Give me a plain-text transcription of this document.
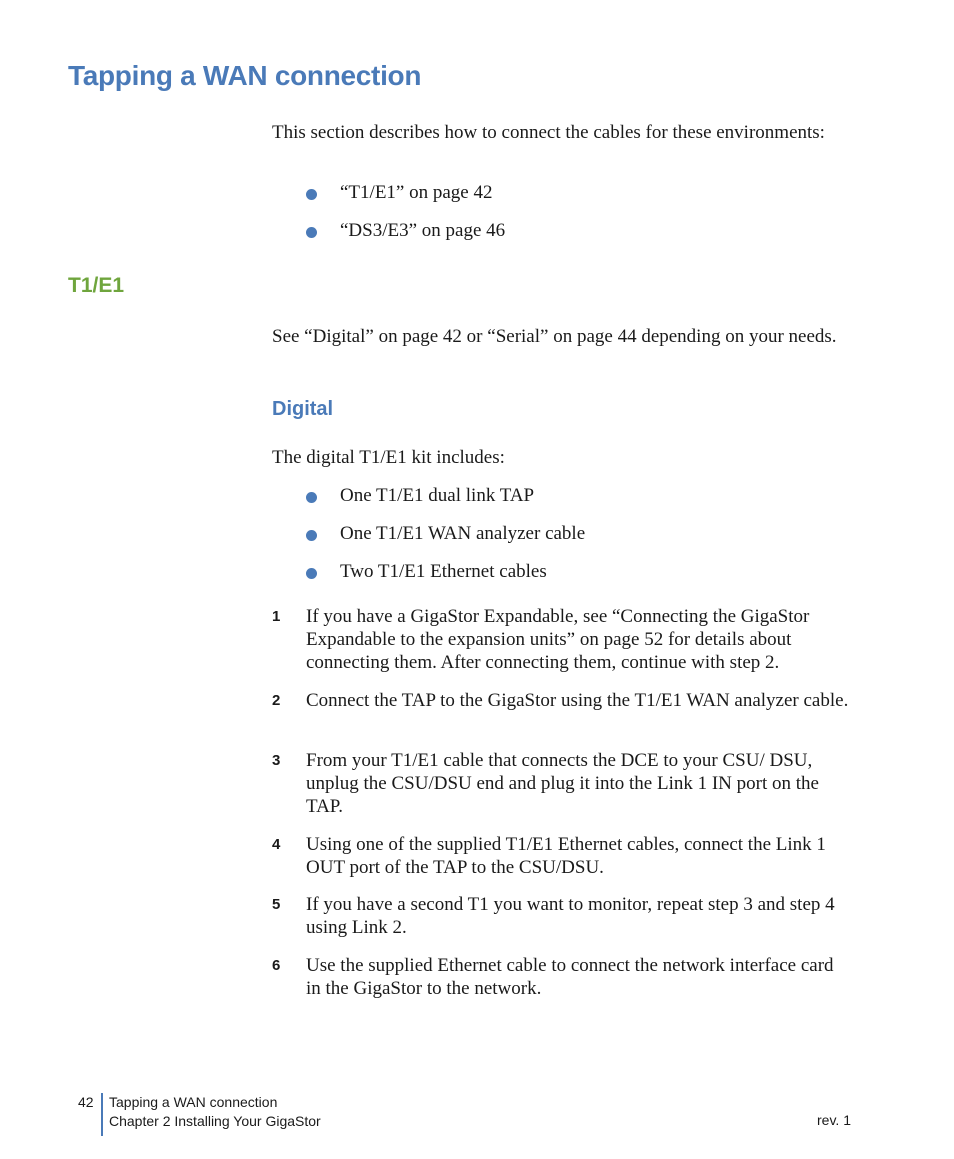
Tapping a WAN connection

This section describes how to connect the cables for these environments:

“T1/E1” on page 42
“DS3/E3” on page 46
T1/E1

See “Digital” on page 42 or “Serial” on page 44 depending on your needs.

Digital

The digital T1/E1 kit includes:

One T1/E1 dual link TAP
One T1/E1 WAN analyzer cable
Two T1/E1 Ethernet cables
1 If you have a GigaStor Expandable, see “Connecting the GigaStor Expandable to the expansion units” on page 52 for details about connecting them. After connecting them, continue with step 2.
2 Connect the TAP to the GigaStor using the T1/E1 WAN analyzer cable.
3 From your T1/E1 cable that connects the DCE to your CSU/ DSU, unplug the CSU/DSU end and plug it into the Link 1 IN port on the TAP.
4 Using one of the supplied T1/E1 Ethernet cables, connect the Link 1 OUT port of the TAP to the CSU/DSU.
5 If you have a second T1 you want to monitor, repeat step 3 and step 4 using Link 2.
6 Use the supplied Ethernet cable to connect the network interface card in the GigaStor to the network.
42 Tapping a WAN connection
Chapter 2 Installing Your GigaStor	rev. 1
